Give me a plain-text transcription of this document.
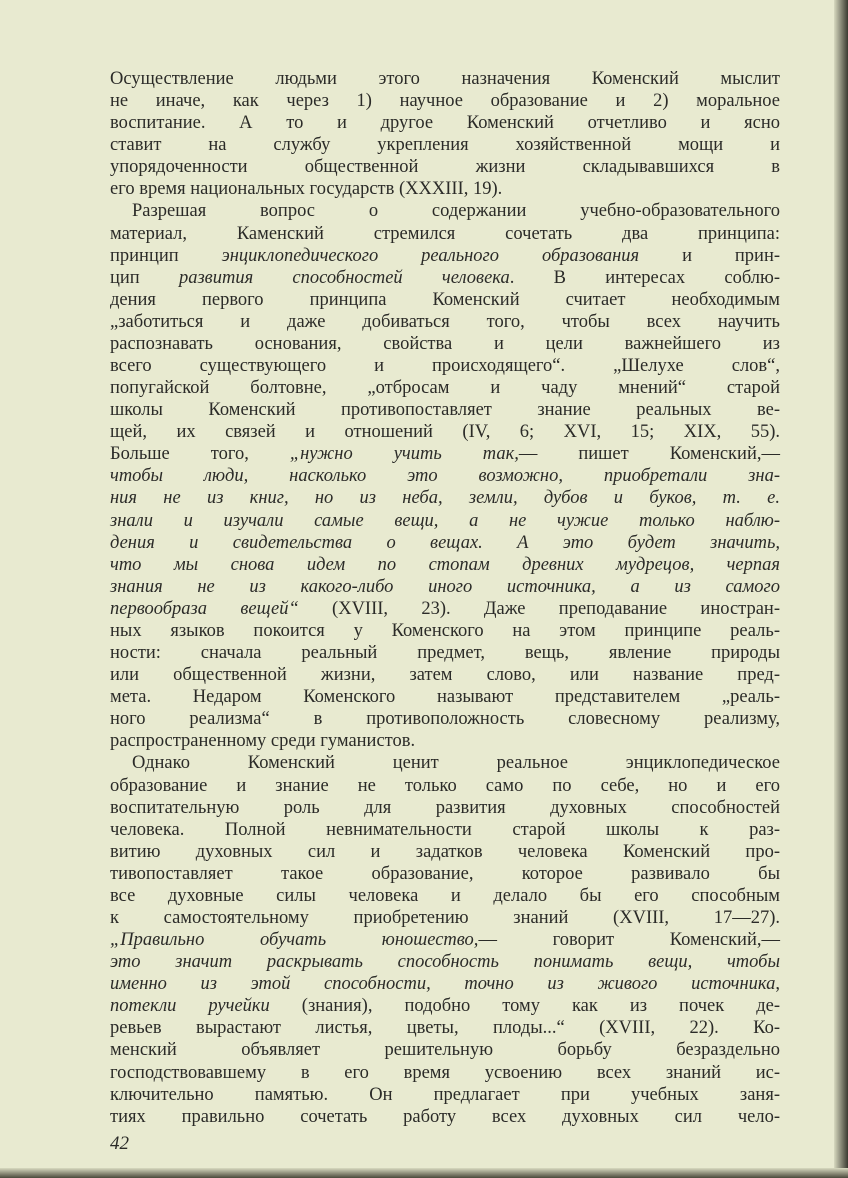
Осуществление людьми этого назначения Коменский мыслит
не иначе, как через 1) научное образование и 2) моральное
воспитание. А то и другое Коменский отчетливо и ясно
ставит на службу укрепления хозяйственной мощи и
упорядоченности общественной жизни складывавшихся в
его время национальных государств (XXXIII, 19).
Разрешая вопрос о содержании учебно-образовательного
материал, Каменский стремился сочетать два принципа:
принцип энциклопедического реального образования и прин-
цип развития способностей человека. В интересах соблю-
дения первого принципа Коменский считает необходимым
„заботиться и даже добиваться того, чтобы всех научить
распознавать основания, свойства и цели важнейшего из
всего существующего и происходящего“. „Шелухе слов“,
попугайской болтовне, „отбросам и чаду мнений“ старой
школы Коменский противопоставляет знание реальных ве-
щей, их связей и отношений (IV, 6; XVI, 15; XIX, 55).
Больше того, „нужно учить так,— пишет Коменский,—
чтобы люди, насколько это возможно, приобретали зна-
ния не из книг, но из неба, земли, дубов и буков, т. е.
знали и изучали самые вещи, а не чужие только наблю-
дения и свидетельства о вещах. А это будет значить,
что мы снова идем по стопам древних мудрецов, черпая
знания не из какого-либо иного источника, а из самого
первообраза вещей“ (XVIII, 23). Даже преподавание иностран-
ных языков покоится у Коменского на этом принципе реаль-
ности: сначала реальный предмет, вещь, явление природы
или общественной жизни, затем слово, или название пред-
мета. Недаром Коменского называют представителем „реаль-
ного реализма“ в противоположность словесному реализму,
распространенному среди гуманистов.
Однако Коменский ценит реальное энциклопедическое
образование и знание не только само по себе, но и его
воспитательную роль для развития духовных способностей
человека. Полной невнимательности старой школы к раз-
витию духовных сил и задатков человека Коменский про-
тивопоставляет такое образование, которое развивало бы
все духовные силы человека и делало бы его способным
к самостоятельному приобретению знаний (XVIII, 17—27).
„Правильно обучать юношество,— говорит Коменский,—
это значит раскрывать способность понимать вещи, чтобы
именно из этой способности, точно из живого источника,
потекли ручейки (знания), подобно тому как из почек де-
ревьев вырастают листья, цветы, плоды...“ (XVIII, 22). Ко-
менский объявляет решительную борьбу безраздельно
господствовавшему в его время усвоению всех знаний ис-
ключительно памятью. Он предлагает при учебных заня-
тиях правильно сочетать работу всех духовных сил чело-
42
